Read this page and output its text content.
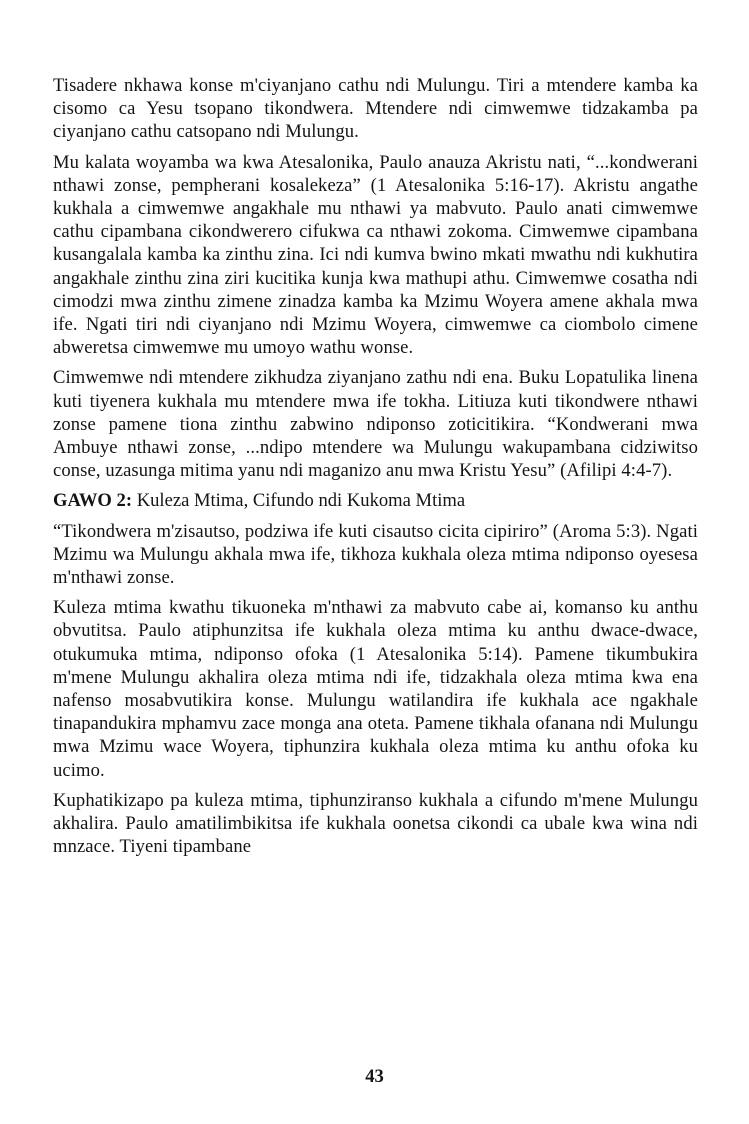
Tisadere nkhawa konse m'ciyanjano cathu ndi Mulungu. Tiri a mtendere kamba ka cisomo ca Yesu tsopano tikondwera. Mtendere ndi cimwemwe tidzakamba pa ciyanjano cathu catsopano ndi Mulungu.

Mu kalata woyamba wa kwa Atesalonika, Paulo anauza Akristu nati, “...kondwerani nthawi zonse, pempherani kosalekeza” (1 Atesalonika 5:16-17). Akristu angathe kukhala a cimwemwe angakhale mu nthawi ya mabvuto. Paulo anati cimwemwe cathu cipambana cikondwerero cifukwa ca nthawi zokoma. Cimwemwe cipambana kusangalala kamba ka zinthu zina. Ici ndi kumva bwino mkati mwathu ndi kukhutira angakhale zinthu zina ziri kucitika kunja kwa mathupi athu. Cimwemwe cosatha ndi cimodzi mwa zinthu zimene zinadza kamba ka Mzimu Woyera amene akhala mwa ife. Ngati tiri ndi ciyanjano ndi Mzimu Woyera, cimwemwe ca ciombolo cimene abweretsa cimwemwe mu umoyo wathu wonse.

Cimwemwe ndi mtendere zikhudza ziyanjano zathu ndi ena. Buku Lopatulika linena kuti tiyenera kukhala mu mtendere mwa ife tokha. Litiuza kuti tikondwere nthawi zonse pamene tiona zinthu zabwino ndiponso zoticitikira. “Kondwerani mwa Ambuye nthawi zonse, ...ndipo mtendere wa Mulungu wakupambana cidziwitso conse, uzasunga mitima yanu ndi maganizo anu mwa Kristu Yesu” (Afilipi 4:4-7).

GAWO 2: Kuleza Mtima, Cifundo ndi Kukoma Mtima

“Tikondwera m'zisautso, podziwa ife kuti cisautso cicita cipiriro” (Aroma 5:3). Ngati Mzimu wa Mulungu akhala mwa ife, tikhoza kukhala oleza mtima ndiponso oyesesa m'nthawi zonse.

Kuleza mtima kwathu tikuoneka m'nthawi za mabvuto cabe ai, komanso ku anthu obvutitsa. Paulo atiphunzitsa ife kukhala oleza mtima ku anthu dwace-dwace, otukumuka mtima, ndiponso ofoka (1 Atesalonika 5:14). Pamene tikumbukira m'mene Mulungu akhalira oleza mtima ndi ife, tidzakhala oleza mtima kwa ena nafenso mosabvutikira konse. Mulungu watilandira ife kukhala ace ngakhale tinapandukira mphamvu zace monga ana oteta. Pamene tikhala ofanana ndi Mulungu mwa Mzimu wace Woyera, tiphunzira kukhala oleza mtima ku anthu ofoka ku ucimo.

Kuphatikizapo pa kuleza mtima, tiphunziranso kukhala a cifundo m'mene Mulungu akhalira. Paulo amatilimbikitsa ife kukhala oonetsa cikondi ca ubale kwa wina ndi mnzace. Tiyeni tipambane

43
